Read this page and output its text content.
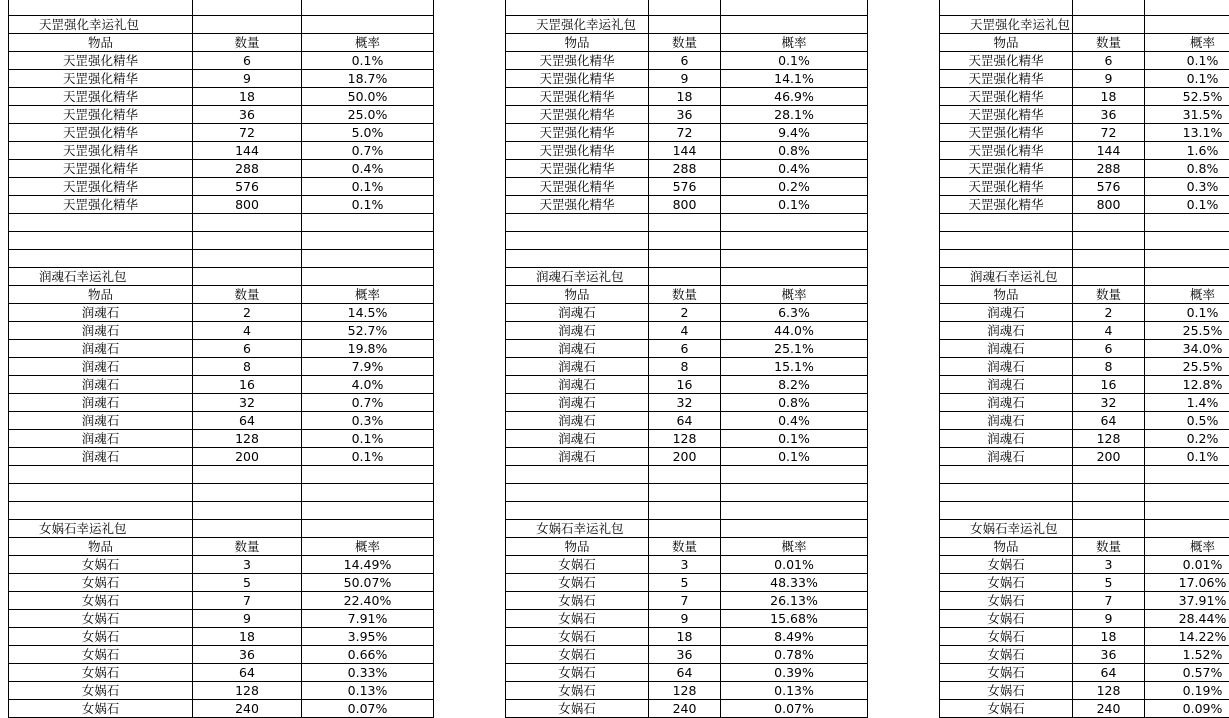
天罡强化幸运礼包		
物品	数量	概率
天罡强化精华	6	0.1%
天罡强化精华	9	18.7%
天罡强化精华	18	50.0%
天罡强化精华	36	25.0%
天罡强化精华	72	5.0%
天罡强化精华	144	0.7%
天罡强化精华	288	0.4%
天罡强化精华	576	0.1%
天罡强化精华	800	0.1%

润魂石幸运礼包		
物品	数量	概率
润魂石	2	14.5%
润魂石	4	52.7%
润魂石	6	19.8%
润魂石	8	7.9%
润魂石	16	4.0%
润魂石	32	0.7%
润魂石	64	0.3%
润魂石	128	0.1%
润魂石	200	0.1%

女娲石幸运礼包		
物品	数量	概率
女娲石	3	14.49%
女娲石	5	50.07%
女娲石	7	22.40%
女娲石	9	7.91%
女娲石	18	3.95%
女娲石	36	0.66%
女娲石	64	0.33%
女娲石	128	0.13%
女娲石	240	0.07%

天罡强化幸运礼包		
物品	数量	概率
天罡强化精华	6	0.1%
天罡强化精华	9	14.1%
天罡强化精华	18	46.9%
天罡强化精华	36	28.1%
天罡强化精华	72	9.4%
天罡强化精华	144	0.8%
天罡强化精华	288	0.4%
天罡强化精华	576	0.2%
天罡强化精华	800	0.1%

润魂石幸运礼包		
物品	数量	概率
润魂石	2	6.3%
润魂石	4	44.0%
润魂石	6	25.1%
润魂石	8	15.1%
润魂石	16	8.2%
润魂石	32	0.8%
润魂石	64	0.4%
润魂石	128	0.1%
润魂石	200	0.1%

女娲石幸运礼包		
物品	数量	概率
女娲石	3	0.01%
女娲石	5	48.33%
女娲石	7	26.13%
女娲石	9	15.68%
女娲石	18	8.49%
女娲石	36	0.78%
女娲石	64	0.39%
女娲石	128	0.13%
女娲石	240	0.07%

天罡强化幸运礼包		
物品	数量	概率
天罡强化精华	6	0.1%
天罡强化精华	9	0.1%
天罡强化精华	18	52.5%
天罡强化精华	36	31.5%
天罡强化精华	72	13.1%
天罡强化精华	144	1.6%
天罡强化精华	288	0.8%
天罡强化精华	576	0.3%
天罡强化精华	800	0.1%

润魂石幸运礼包		
物品	数量	概率
润魂石	2	0.1%
润魂石	4	25.5%
润魂石	6	34.0%
润魂石	8	25.5%
润魂石	16	12.8%
润魂石	32	1.4%
润魂石	64	0.5%
润魂石	128	0.2%
润魂石	200	0.1%

女娲石幸运礼包		
物品	数量	概率
女娲石	3	0.01%
女娲石	5	17.06%
女娲石	7	37.91%
女娲石	9	28.44%
女娲石	18	14.22%
女娲石	36	1.52%
女娲石	64	0.57%
女娲石	128	0.19%
女娲石	240	0.09%
